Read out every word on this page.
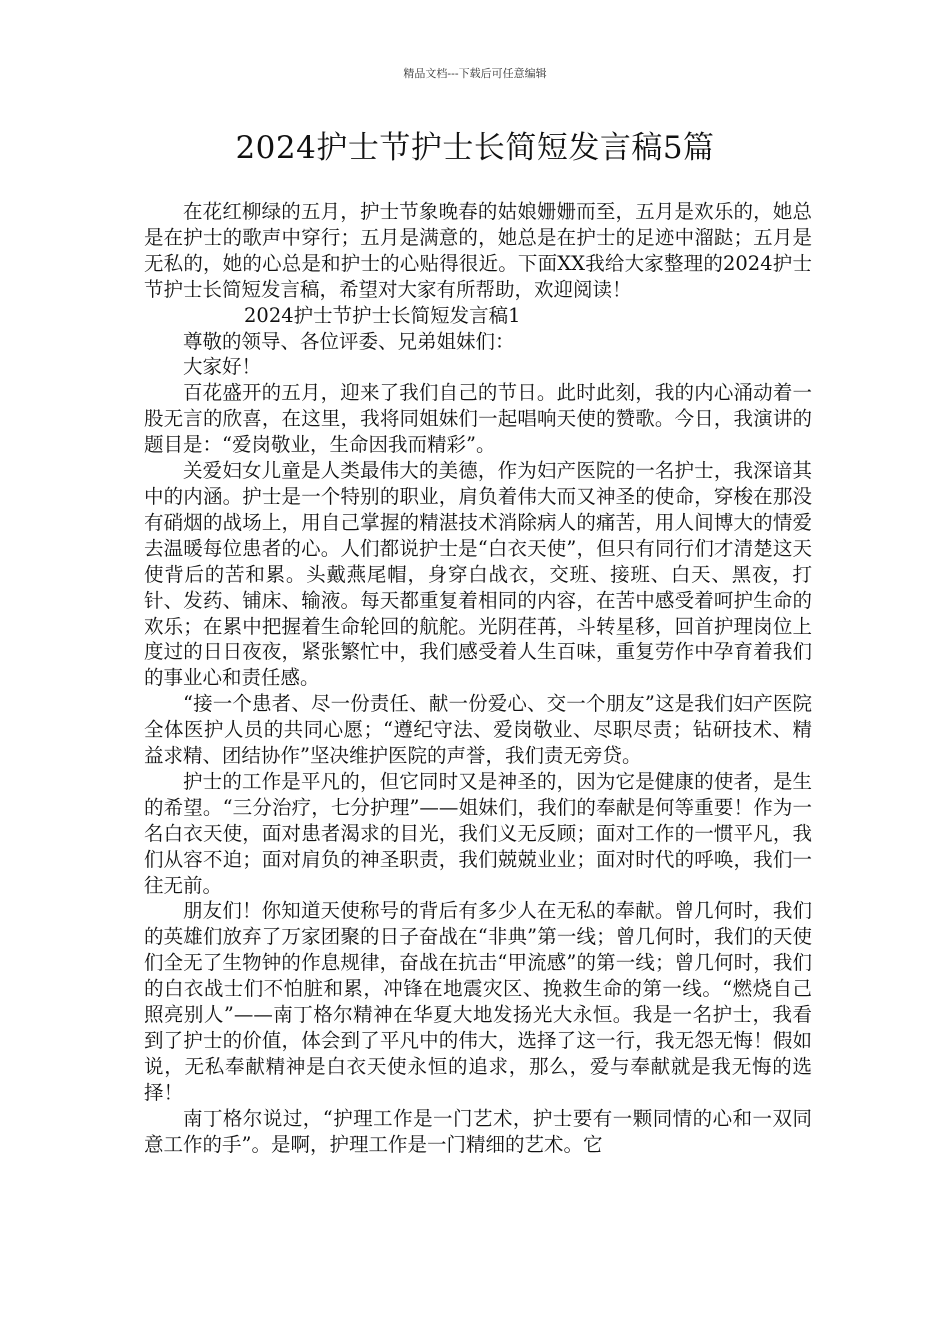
精品文档---下载后可任意编辑
2024护士节护士长简短发言稿5篇

在花红柳绿的五月，护士节象晚春的姑娘姗姗而至，五月是欢乐的，她总是在护士的歌声中穿行；五月是满意的，她总是在护士的足迹中溜跶；五月是无私的，她的心总是和护士的心贴得很近。下面XX我给大家整理的2024护士节护士长简短发言稿，希望对大家有所帮助，欢迎阅读！

2024护士节护士长简短发言稿1

尊敬的领导、各位评委、兄弟姐妹们：

大家好！

百花盛开的五月，迎来了我们自己的节日。此时此刻，我的内心涌动着一股无言的欣喜，在这里，我将同姐妹们一起唱响天使的赞歌。今日，我演讲的题目是：“爱岗敬业，生命因我而精彩”。

关爱妇女儿童是人类最伟大的美德，作为妇产医院的一名护士，我深谙其中的内涵。护士是一个特别的职业，肩负着伟大而又神圣的使命，穿梭在那没有硝烟的战场上，用自己掌握的精湛技术消除病人的痛苦，用人间博大的情爱去温暖每位患者的心。人们都说护士是“白衣天使”，但只有同行们才清楚这天使背后的苦和累。头戴燕尾帽，身穿白战衣，交班、接班、白天、黑夜，打针、发药、铺床、输液。每天都重复着相同的内容，在苦中感受着呵护生命的欢乐；在累中把握着生命轮回的航舵。光阴荏苒，斗转星移，回首护理岗位上度过的日日夜夜，紧张繁忙中，我们感受着人生百味，重复劳作中孕育着我们的事业心和责任感。

“接一个患者、尽一份责任、献一份爱心、交一个朋友”这是我们妇产医院全体医护人员的共同心愿；“遵纪守法、爱岗敬业、尽职尽责；钻研技术、精益求精、团结协作”坚决维护医院的声誉，我们责无旁贷。

护士的工作是平凡的，但它同时又是神圣的，因为它是健康的使者，是生的希望。“三分治疗，七分护理”——姐妹们，我们的奉献是何等重要！作为一名白衣天使，面对患者渴求的目光，我们义无反顾；面对工作的一惯平凡，我们从容不迫；面对肩负的神圣职责，我们兢兢业业；面对时代的呼唤，我们一往无前。

朋友们！你知道天使称号的背后有多少人在无私的奉献。曾几何时，我们的英雄们放弃了万家团聚的日子奋战在“非典”第一线；曾几何时，我们的天使们全无了生物钟的作息规律，奋战在抗击“甲流感”的第一线；曾几何时，我们的白衣战士们不怕脏和累，冲锋在地震灾区、挽救生命的第一线。“燃烧自己照亮别人”——南丁格尔精神在华夏大地发扬光大永恒。我是一名护士，我看到了护士的价值，体会到了平凡中的伟大，选择了这一行，我无怨无悔！假如说，无私奉献精神是白衣天使永恒的追求，那么，爱与奉献就是我无悔的选择！

南丁格尔说过，“护理工作是一门艺术，护士要有一颗同情的心和一双同意工作的手”。是啊，护理工作是一门精细的艺术。它
